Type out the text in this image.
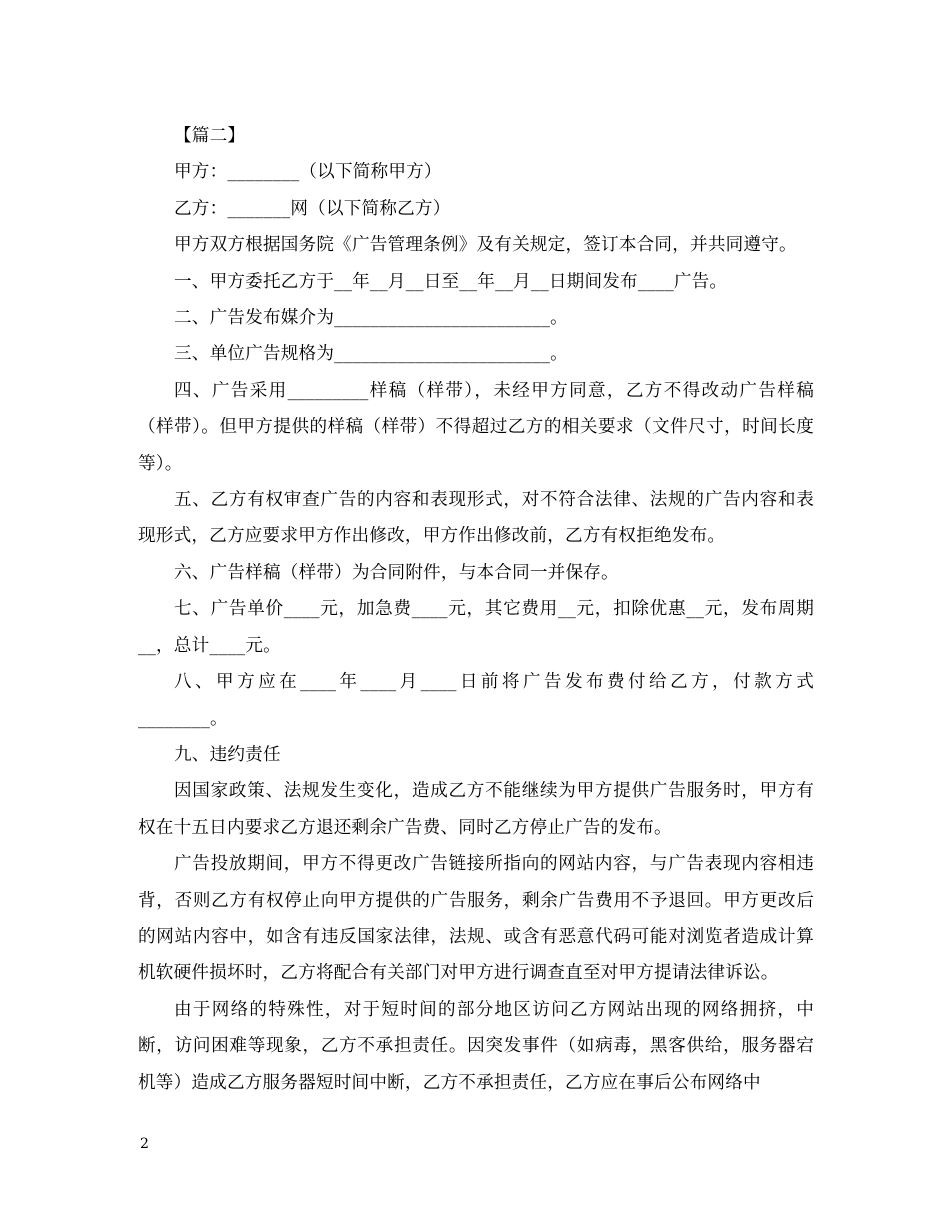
【篇二】

甲方：________（以下简称甲方）

乙方：_______网（以下简称乙方）

甲方双方根据国务院《广告管理条例》及有关规定，签订本合同，并共同遵守。

一、甲方委托乙方于__年__月__日至__年__月__日期间发布____广告。

二、广告发布媒介为________________________。

三、单位广告规格为________________________。

四、广告采用_________样稿（样带），未经甲方同意，乙方不得改动广告样稿（样带）。但甲方提供的样稿（样带）不得超过乙方的相关要求（文件尺寸，时间长度等）。

五、乙方有权审查广告的内容和表现形式，对不符合法律、法规的广告内容和表现形式，乙方应要求甲方作出修改，甲方作出修改前，乙方有权拒绝发布。

六、广告样稿（样带）为合同附件，与本合同一并保存。

七、广告单价____元，加急费____元，其它费用__元，扣除优惠__元，发布周期__，总计____元。

八、甲方应在____年____月____日前将广告发布费付给乙方，付款方式________。

九、违约责任

因国家政策、法规发生变化，造成乙方不能继续为甲方提供广告服务时，甲方有权在十五日内要求乙方退还剩余广告费、同时乙方停止广告的发布。

广告投放期间，甲方不得更改广告链接所指向的网站内容，与广告表现内容相违背，否则乙方有权停止向甲方提供的广告服务，剩余广告费用不予退回。甲方更改后的网站内容中，如含有违反国家法律，法规、或含有恶意代码可能对浏览者造成计算机软硬件损坏时，乙方将配合有关部门对甲方进行调查直至对甲方提请法律诉讼。

由于网络的特殊性，对于短时间的部分地区访问乙方网站出现的网络拥挤，中断，访问困难等现象，乙方不承担责任。因突发事件（如病毒，黑客供给，服务器宕机等）造成乙方服务器短时间中断，乙方不承担责任，乙方应在事后公布网络中

2
